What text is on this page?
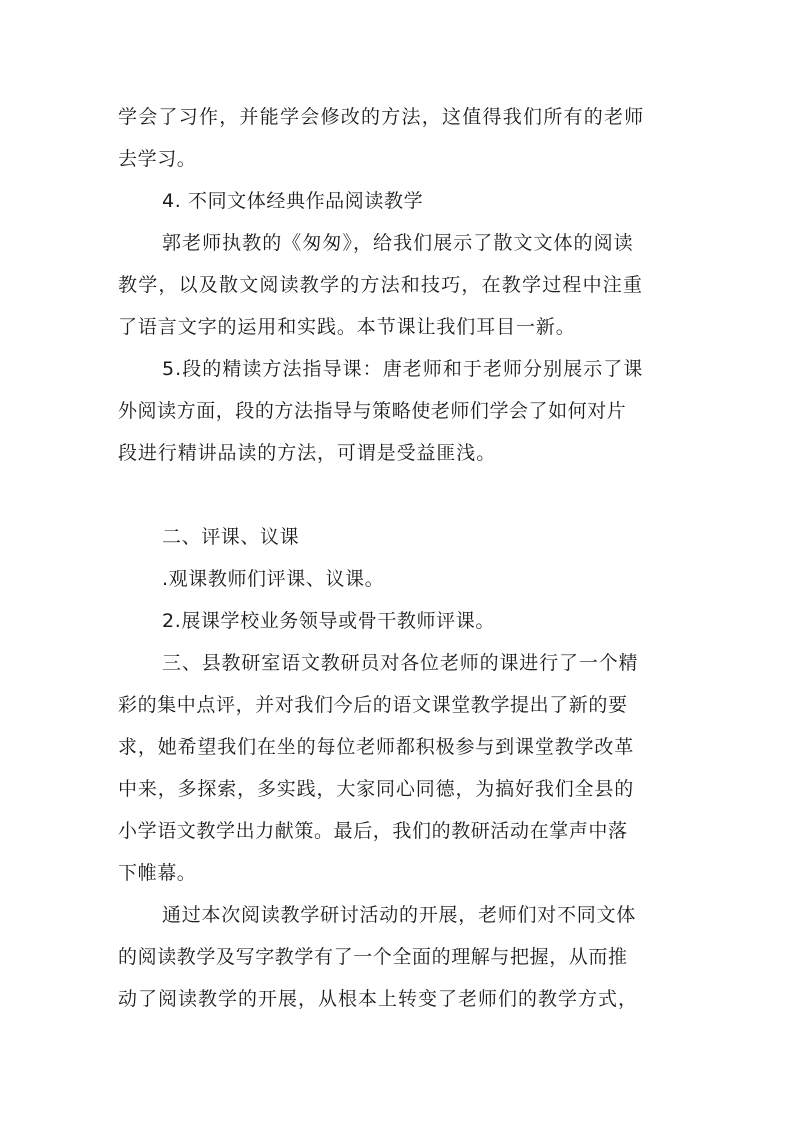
学会了习作，并能学会修改的方法，这值得我们所有的老师
去学习。
4. 不同文体经典作品阅读教学
郭老师执教的《匆匆》，给我们展示了散文文体的阅读
教学，以及散文阅读教学的方法和技巧，在教学过程中注重
了语言文字的运用和实践。本节课让我们耳目一新。
5.段的精读方法指导课：唐老师和于老师分别展示了课
外阅读方面，段的方法指导与策略使老师们学会了如何对片
段进行精讲品读的方法，可谓是受益匪浅。
二、评课、议课
.观课教师们评课、议课。
2.展课学校业务领导或骨干教师评课。
三、县教研室语文教研员对各位老师的课进行了一个精
彩的集中点评，并对我们今后的语文课堂教学提出了新的要
求，她希望我们在坐的每位老师都积极参与到课堂教学改革
中来，多探索，多实践，大家同心同德，为搞好我们全县的
小学语文教学出力献策。最后，我们的教研活动在掌声中落
下帷幕。
通过本次阅读教学研讨活动的开展，老师们对不同文体
的阅读教学及写字教学有了一个全面的理解与把握，从而推
动了阅读教学的开展，从根本上转变了老师们的教学方式，
